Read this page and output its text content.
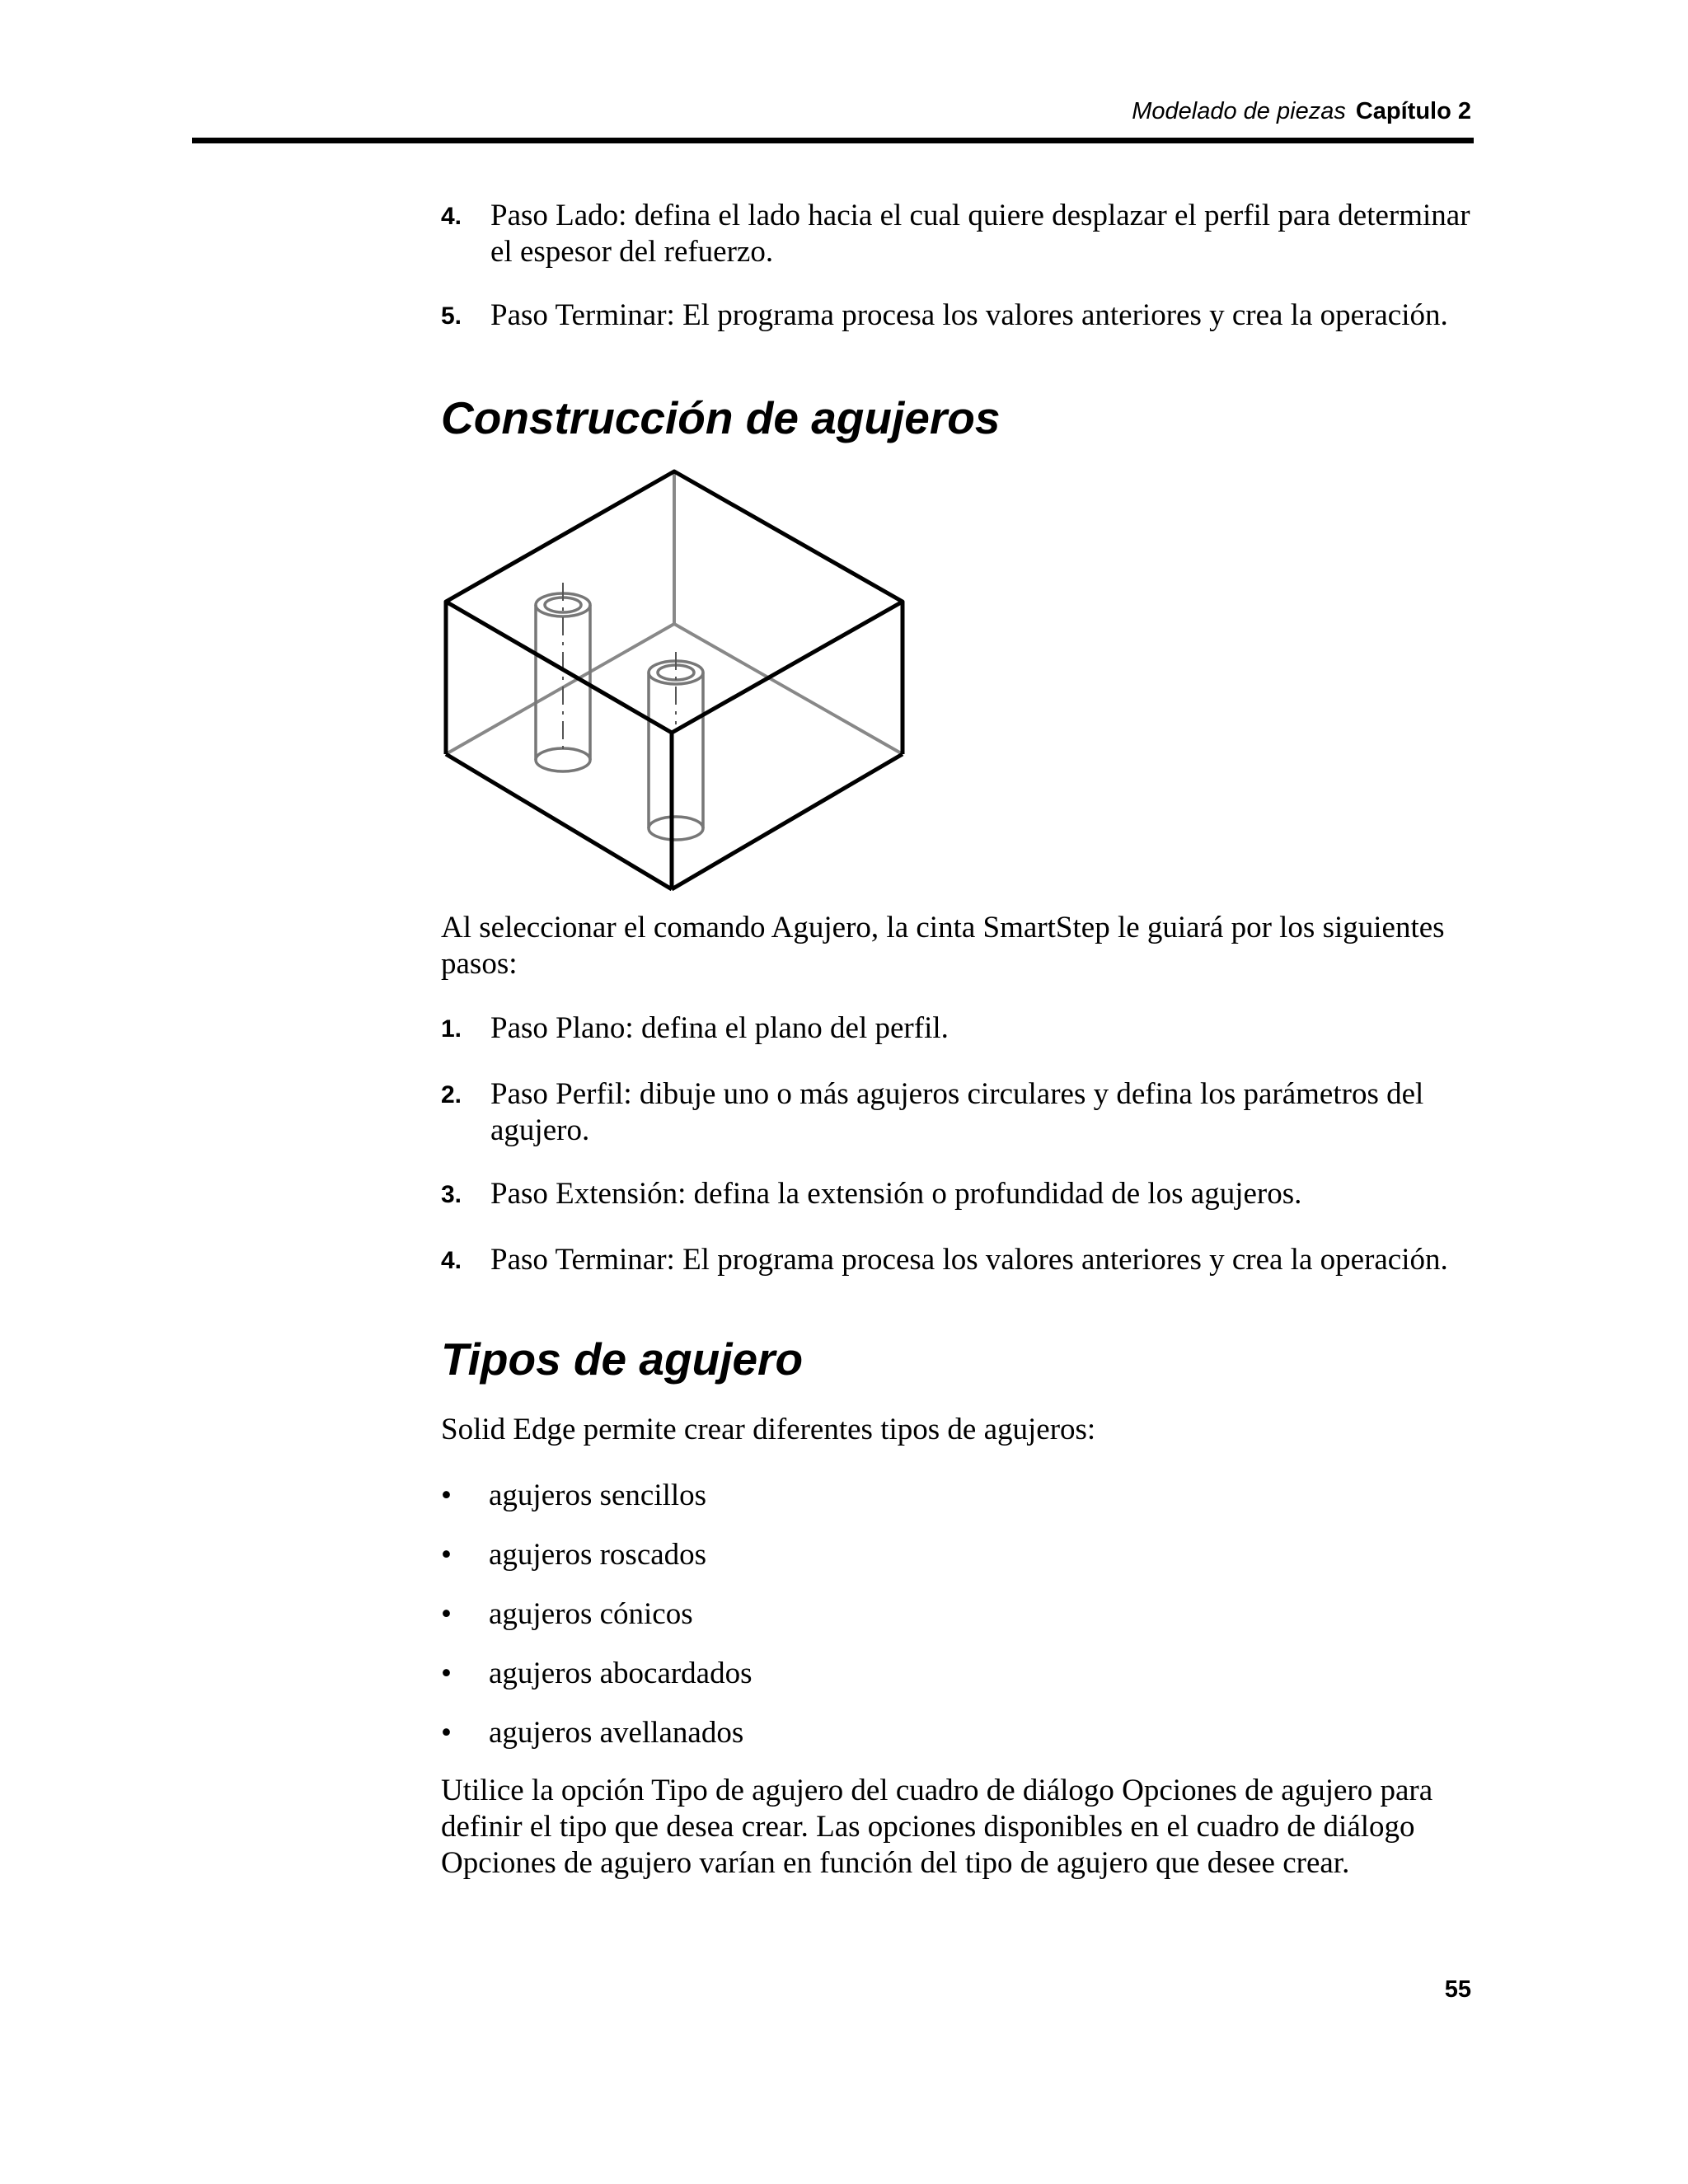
Modelado de piezas Capítulo 2
4. Paso Lado: defina el lado hacia el cual quiere desplazar el perfil para determinar el espesor del refuerzo.
5. Paso Terminar: El programa procesa los valores anteriores y crea la operación.
Construcción de agujeros
Al seleccionar el comando Agujero, la cinta SmartStep le guiará por los siguientes pasos:
1. Paso Plano: defina el plano del perfil.
2. Paso Perfil: dibuje uno o más agujeros circulares y defina los parámetros del agujero.
3. Paso Extensión: defina la extensión o profundidad de los agujeros.
4. Paso Terminar: El programa procesa los valores anteriores y crea la operación.
Tipos de agujero
Solid Edge permite crear diferentes tipos de agujeros:
• agujeros sencillos
• agujeros roscados
• agujeros cónicos
• agujeros abocardados
• agujeros avellanados
Utilice la opción Tipo de agujero del cuadro de diálogo Opciones de agujero para definir el tipo que desea crear. Las opciones disponibles en el cuadro de diálogo Opciones de agujero varían en función del tipo de agujero que desee crear.
55
